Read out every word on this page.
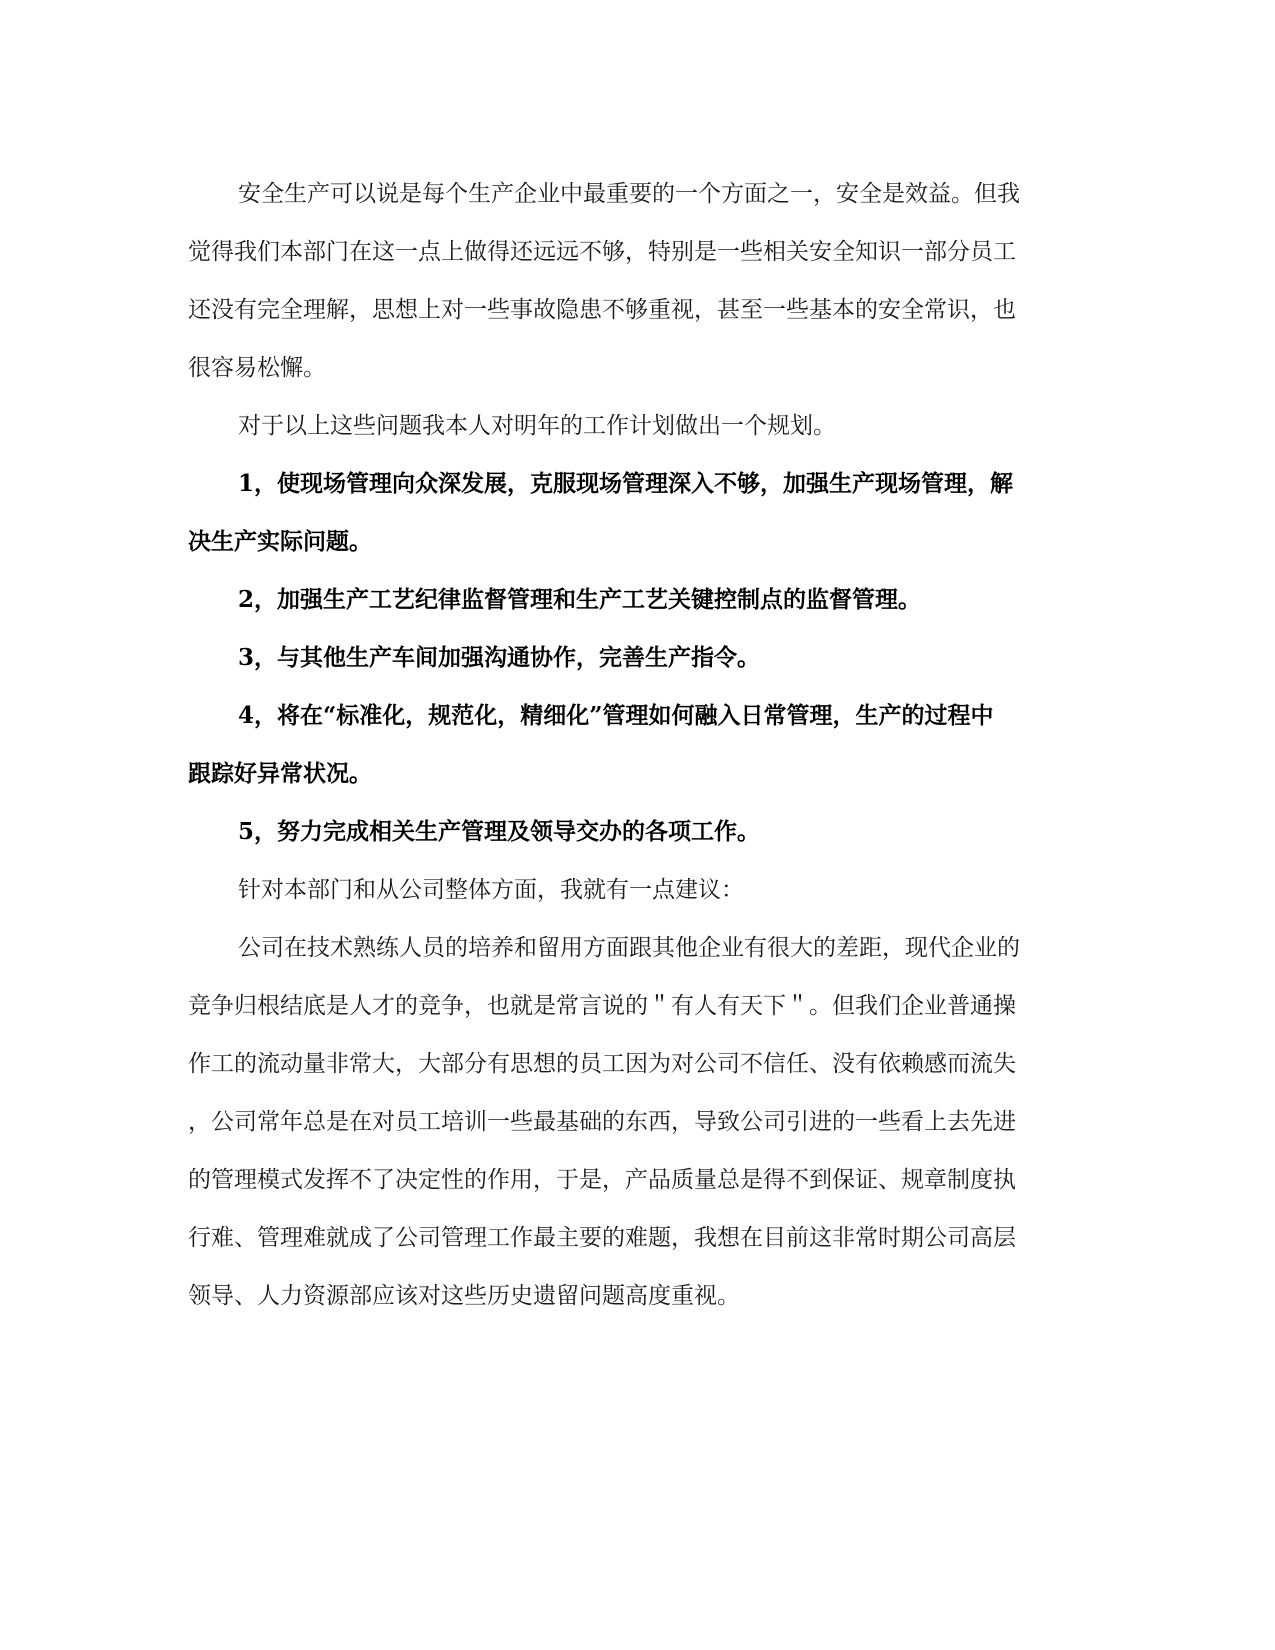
安全生产可以说是每个生产企业中最重要的一个方面之一，安全是效益。但我
觉得我们本部门在这一点上做得还远远不够，特别是一些相关安全知识一部分员工
还没有完全理解，思想上对一些事故隐患不够重视，甚至一些基本的安全常识，也
很容易松懈。
对于以上这些问题我本人对明年的工作计划做出一个规划。
1，使现场管理向众深发展，克服现场管理深入不够，加强生产现场管理，解
决生产实际问题。
2，加强生产工艺纪律监督管理和生产工艺关键控制点的监督管理。
3，与其他生产车间加强沟通协作，完善生产指令。
4，将在“标准化，规范化，精细化”管理如何融入日常管理，生产的过程中
跟踪好异常状况。
5，努力完成相关生产管理及领导交办的各项工作。
针对本部门和从公司整体方面，我就有一点建议：
公司在技术熟练人员的培养和留用方面跟其他企业有很大的差距，现代企业的
竞争归根结底是人才的竞争，也就是常言说的＂有人有天下＂。但我们企业普通操
作工的流动量非常大，大部分有思想的员工因为对公司不信任、没有依赖感而流失
，公司常年总是在对员工培训一些最基础的东西，导致公司引进的一些看上去先进
的管理模式发挥不了决定性的作用，于是，产品质量总是得不到保证、规章制度执
行难、管理难就成了公司管理工作最主要的难题，我想在目前这非常时期公司高层
领导、人力资源部应该对这些历史遗留问题高度重视。
